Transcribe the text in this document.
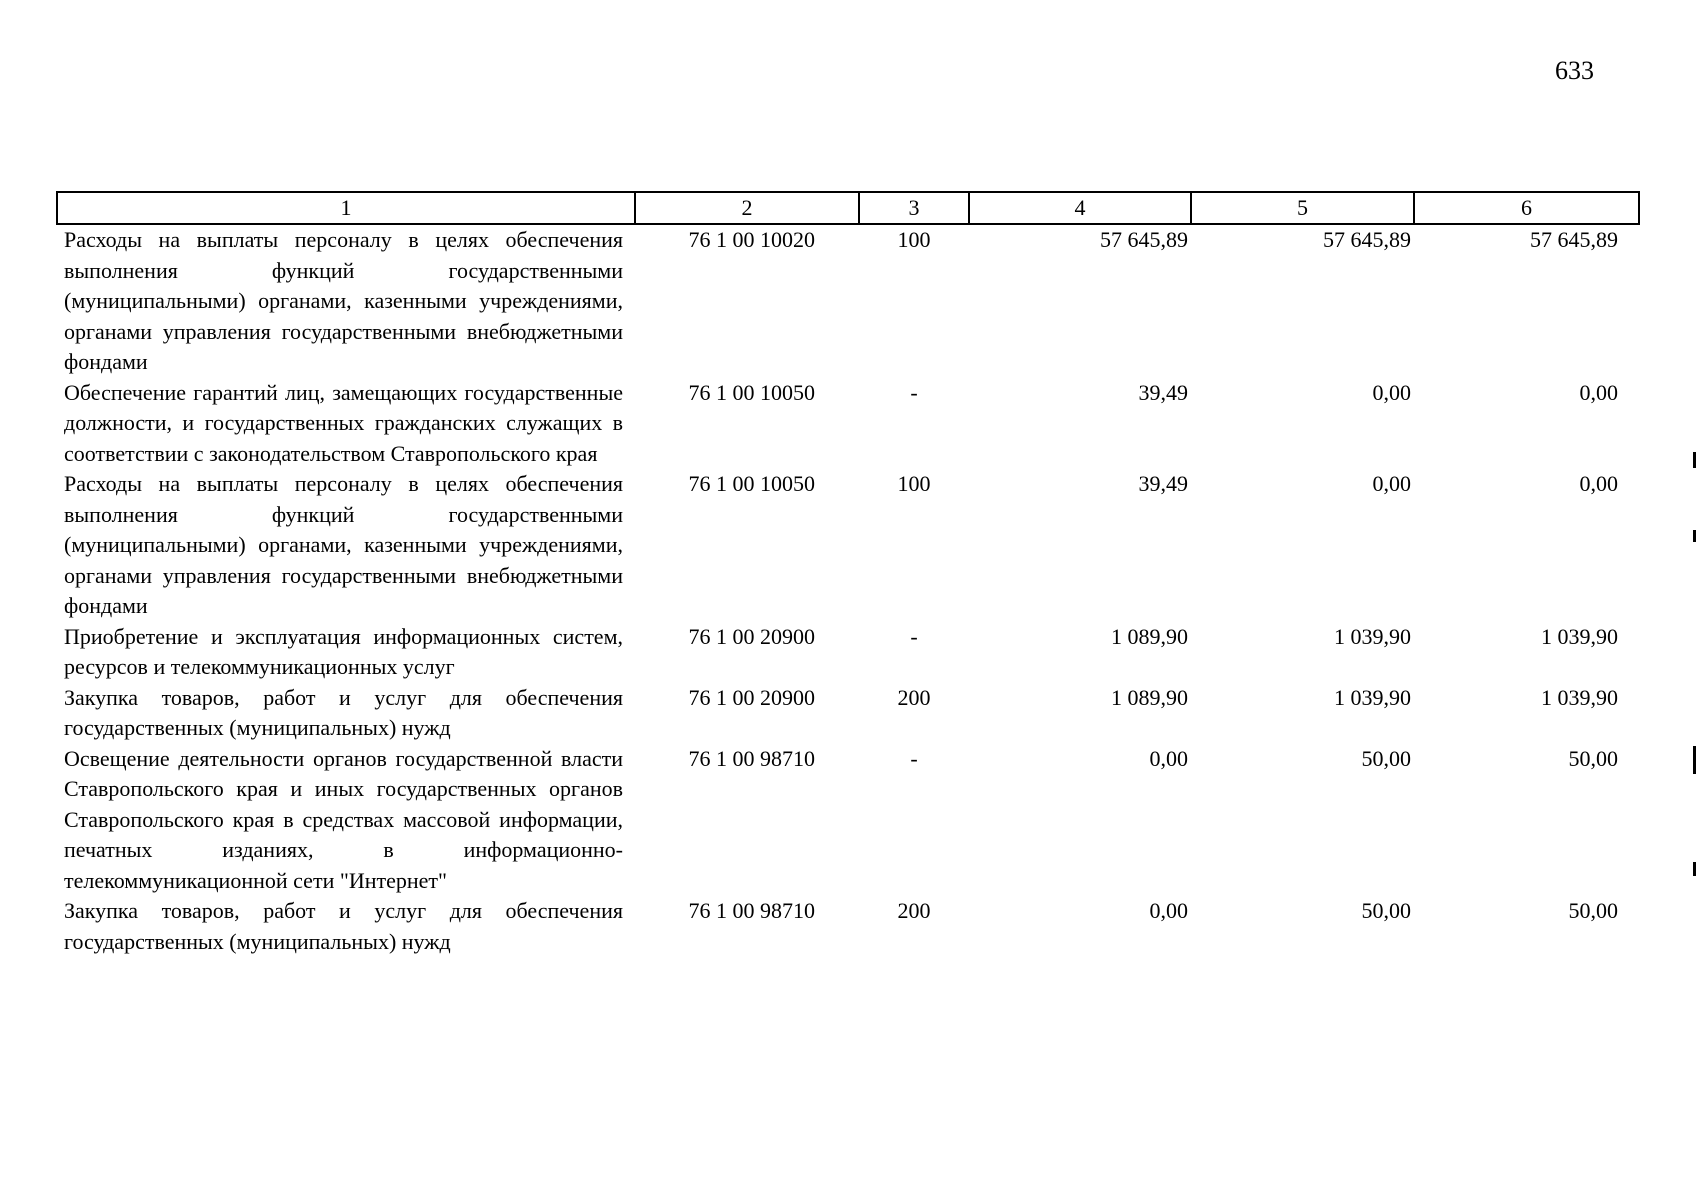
633
1	2	3	4	5	6
Расходы на выплаты персоналу в целях обеспечения выполнения функций государственными (муниципальными) органами, казенными учреждениями, органами управления государственными внебюджетными фондами	76 1 00 10020	100	57 645,89	57 645,89	57 645,89
Обеспечение гарантий лиц, замещающих государственные должности, и государственных гражданских служащих в соответствии с законодательством Ставропольского края	76 1 00 10050	-	39,49	0,00	0,00
Расходы на выплаты персоналу в целях обеспечения выполнения функций государственными (муниципальными) органами, казенными учреждениями, органами управления государственными внебюджетными фондами	76 1 00 10050	100	39,49	0,00	0,00
Приобретение и эксплуатация информационных систем, ресурсов и телекоммуникационных услуг	76 1 00 20900	-	1 089,90	1 039,90	1 039,90
Закупка товаров, работ и услуг для обеспечения государственных (муниципальных) нужд	76 1 00 20900	200	1 089,90	1 039,90	1 039,90
Освещение деятельности органов государственной власти Ставропольского края и иных государственных органов Ставропольского края в средствах массовой информации, печатных изданиях, в информационно-телекоммуникационной сети "Интернет"	76 1 00 98710	-	0,00	50,00	50,00
Закупка товаров, работ и услуг для обеспечения государственных (муниципальных) нужд	76 1 00 98710	200	0,00	50,00	50,00
